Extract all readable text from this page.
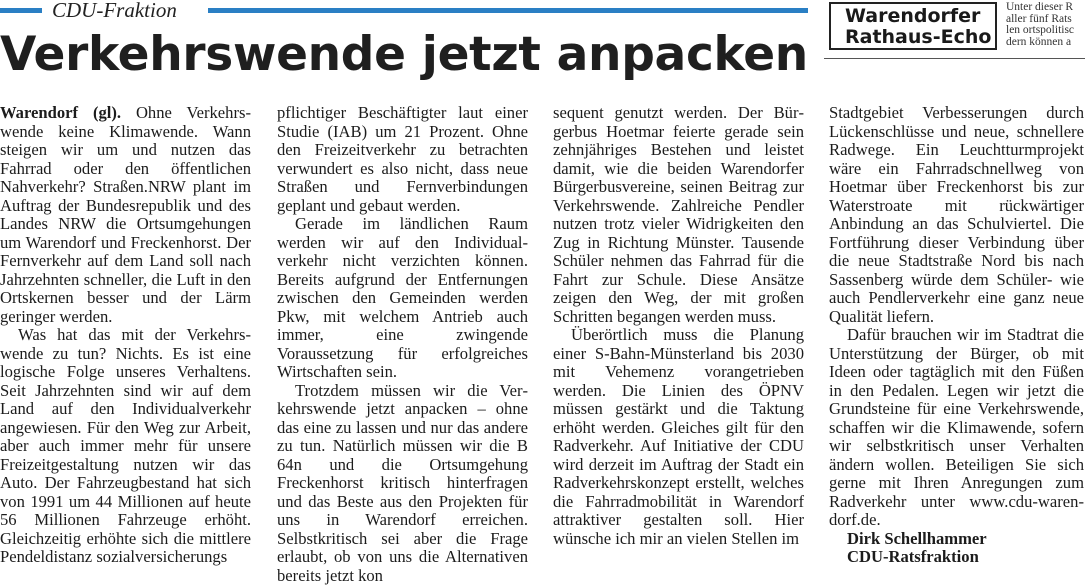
CDU-Fraktion
Verkehrswende jetzt anpacken
Warendorfer
Rathaus-Echo
Unter dieser R
aller fünf Rats
len ortspolitisc
dern können a

Warendorf (gl). Ohne Verkehrswende keine Klimawende. Wann steigen wir um und nutzen das Fahrrad oder den öffentlichen Nahverkehr? Straßen.NRW plant im Auftrag der Bundesrepublik und des Landes NRW die Ortsumgehungen um Warendorf und Freckenhorst. Der Fernverkehr auf dem Land soll nach Jahrzehnten schneller, die Luft in den Ortskernen besser und der Lärm geringer werden.

Was hat das mit der Verkehrswende zu tun? Nichts. Es ist eine logische Folge unseres Verhaltens. Seit Jahrzehnten sind wir auf dem Land auf den Individualverkehr angewiesen. Für den Weg zur Arbeit, aber auch immer mehr für unsere Freizeitgestaltung nutzen wir das Auto. Der Fahrzeugbestand hat sich von 1991 um 44 Millionen auf heute 56 Millionen Fahrzeuge erhöht. Gleichzeitig erhöhte sich die mittlere Pendeldistanz sozialversicherungs

pflichtiger Beschäftigter laut einer Studie (IAB) um 21 Prozent. Ohne den Freizeitverkehr zu betrachten verwundert es also nicht, dass neue Straßen und Fernverbindungen geplant und gebaut werden.

Gerade im ländlichen Raum werden wir auf den Individualverkehr nicht verzichten können. Bereits aufgrund der Entfernungen zwischen den Gemeinden werden Pkw, mit welchem Antrieb auch immer, eine zwingende Voraussetzung für erfolgreiches Wirtschaften sein.

Trotzdem müssen wir die Verkehrswende jetzt anpacken – ohne das eine zu lassen und nur das andere zu tun. Natürlich müssen wir die B 64n und die Ortsumgehung Freckenhorst kritisch hinterfragen und das Beste aus den Projekten für uns in Warendorf erreichen. Selbstkritisch sei aber die Frage erlaubt, ob von uns die Alternativen bereits jetzt kon

sequent genutzt werden. Der Bürgerbus Hoetmar feierte gerade sein zehnjähriges Bestehen und leistet damit, wie die beiden Warendorfer Bürgerbusvereine, seinen Beitrag zur Verkehrswende. Zahlreiche Pendler nutzen trotz vieler Widrigkeiten den Zug in Richtung Münster. Tausende Schüler nehmen das Fahrrad für die Fahrt zur Schule. Diese Ansätze zeigen den Weg, der mit großen Schritten begangen werden muss.

Überörtlich muss die Planung einer S-Bahn-Münsterland bis 2030 mit Vehemenz vorangetrieben werden. Die Linien des ÖPNV müssen gestärkt und die Taktung erhöht werden. Gleiches gilt für den Radverkehr. Auf Initiative der CDU wird derzeit im Auftrag der Stadt ein Radverkehrskonzept erstellt, welches die Fahrradmobilität in Warendorf attraktiver gestalten soll. Hier wünsche ich mir an vielen Stellen im

Stadtgebiet Verbesserungen durch Lückenschlüsse und neue, schnellere Radwege. Ein Leuchtturmprojekt wäre ein Fahrradschnellweg von Hoetmar über Freckenhorst bis zur Waterstroate mit rückwärtiger Anbindung an das Schulviertel. Die Fortführung dieser Verbindung über die neue Stadtstraße Nord bis nach Sassenberg würde dem Schüler- wie auch Pendlerverkehr eine ganz neue Qualität liefern.

Dafür brauchen wir im Stadtrat die Unterstützung der Bürger, ob mit Ideen oder tagtäglich mit den Füßen in den Pedalen. Legen wir jetzt die Grundsteine für eine Verkehrswende, schaffen wir die Klimawende, sofern wir selbstkritisch unser Verhalten ändern wollen. Beteiligen Sie sich gerne mit Ihren Anregungen zum Radverkehr unter www.cdu-warendorf.de.

Dirk Schellhammer

CDU-Ratsfraktion
